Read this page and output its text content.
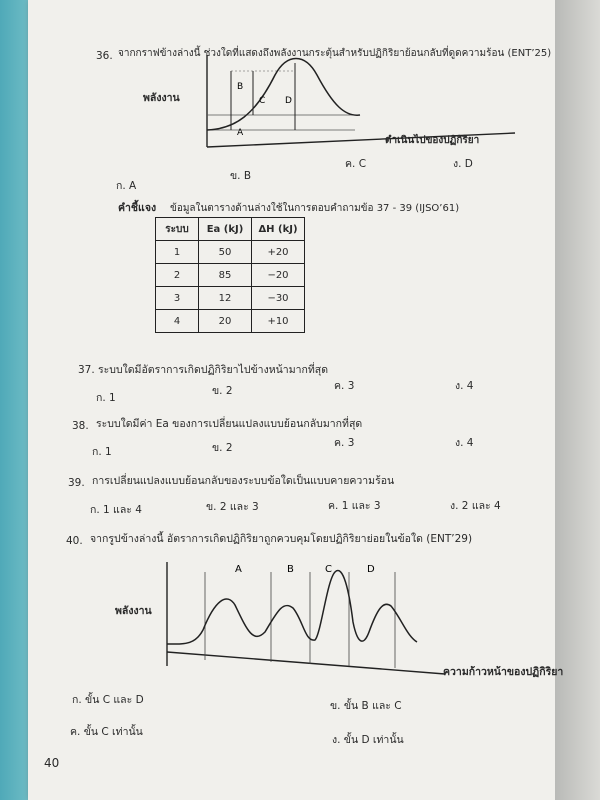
36. จากกราฟข้างล่างนี้ ช่วงใดที่แสดงถึงพลังงานกระตุ้นสำหรับปฏิกิริยาย้อนกลับที่ดูดความร้อน (ENT’25)
พลังงาน
A
B
C D
ดำเนินไปของปฏิกิริยา
ค. C	ง. D
ข. B
ก. A
คำชี้แจง ข้อมูลในตารางด้านล่างใช้ในการตอบคำถามข้อ 37 - 39 (IJSO’61)
ระบบ	Ea (kJ)	ΔH (kJ)
1	50	+20
2	85	−20
3	12	−30
4	20	+10
37. ระบบใดมีอัตราการเกิดปฏิกิริยาไปข้างหน้ามากที่สุด
ก. 1
ข. 2	ค. 3	ง. 4
38. ระบบใดมีค่า Ea ของการเปลี่ยนแปลงแบบย้อนกลับมากที่สุด
ก. 1	ข. 2	ค. 3	ง. 4
39. การเปลี่ยนแปลงแบบย้อนกลับของระบบข้อใดเป็นแบบคายความร้อน
ก. 1 และ 4	ข. 2 และ 3	ค. 1 และ 3	ง. 2 และ 4
40. จากรูปข้างล่างนี้ อัตราการเกิดปฏิกิริยาถูกควบคุมโดยปฏิกิริยาย่อยในข้อใด (ENT’29)
พลังงาน
A	B	C	D
ความก้าวหน้าของปฏิกิริยา
ก. ขั้น C และ D	ข. ขั้น B และ C
ค. ขั้น C เท่านั้น
ง. ขั้น D เท่านั้น
40
